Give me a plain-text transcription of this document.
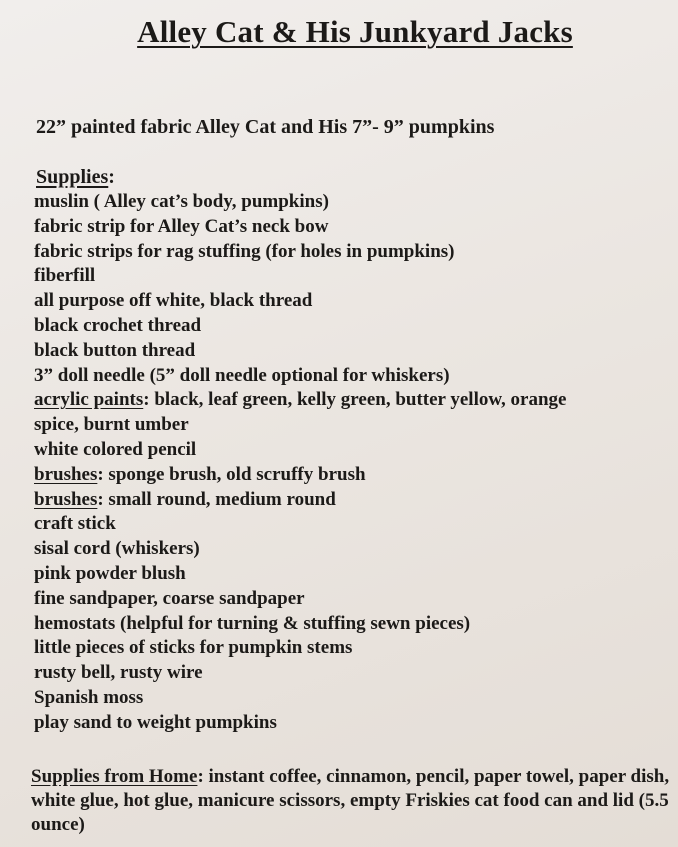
Alley Cat & His Junkyard Jacks

22” painted fabric Alley Cat and His 7”- 9” pumpkins

Supplies:
muslin ( Alley cat’s body, pumpkins)
fabric strip for Alley Cat’s neck bow
fabric strips for rag stuffing (for holes in pumpkins)
fiberfill
all purpose off white, black thread
black crochet thread
black button thread
3” doll needle (5” doll needle optional for whiskers)
acrylic paints: black, leaf green, kelly green, butter yellow, orange
spice, burnt umber
white colored pencil
brushes: sponge brush, old scruffy brush
brushes: small round, medium round
craft stick
sisal cord (whiskers)
pink powder blush
fine sandpaper, coarse sandpaper
hemostats (helpful for turning & stuffing sewn pieces)
little pieces of sticks for pumpkin stems
rusty bell, rusty wire
Spanish moss
play sand to weight pumpkins

Supplies from Home: instant coffee, cinnamon, pencil, paper towel, paper dish, white glue, hot glue, manicure scissors, empty Friskies cat food can and lid (5.5 ounce)
